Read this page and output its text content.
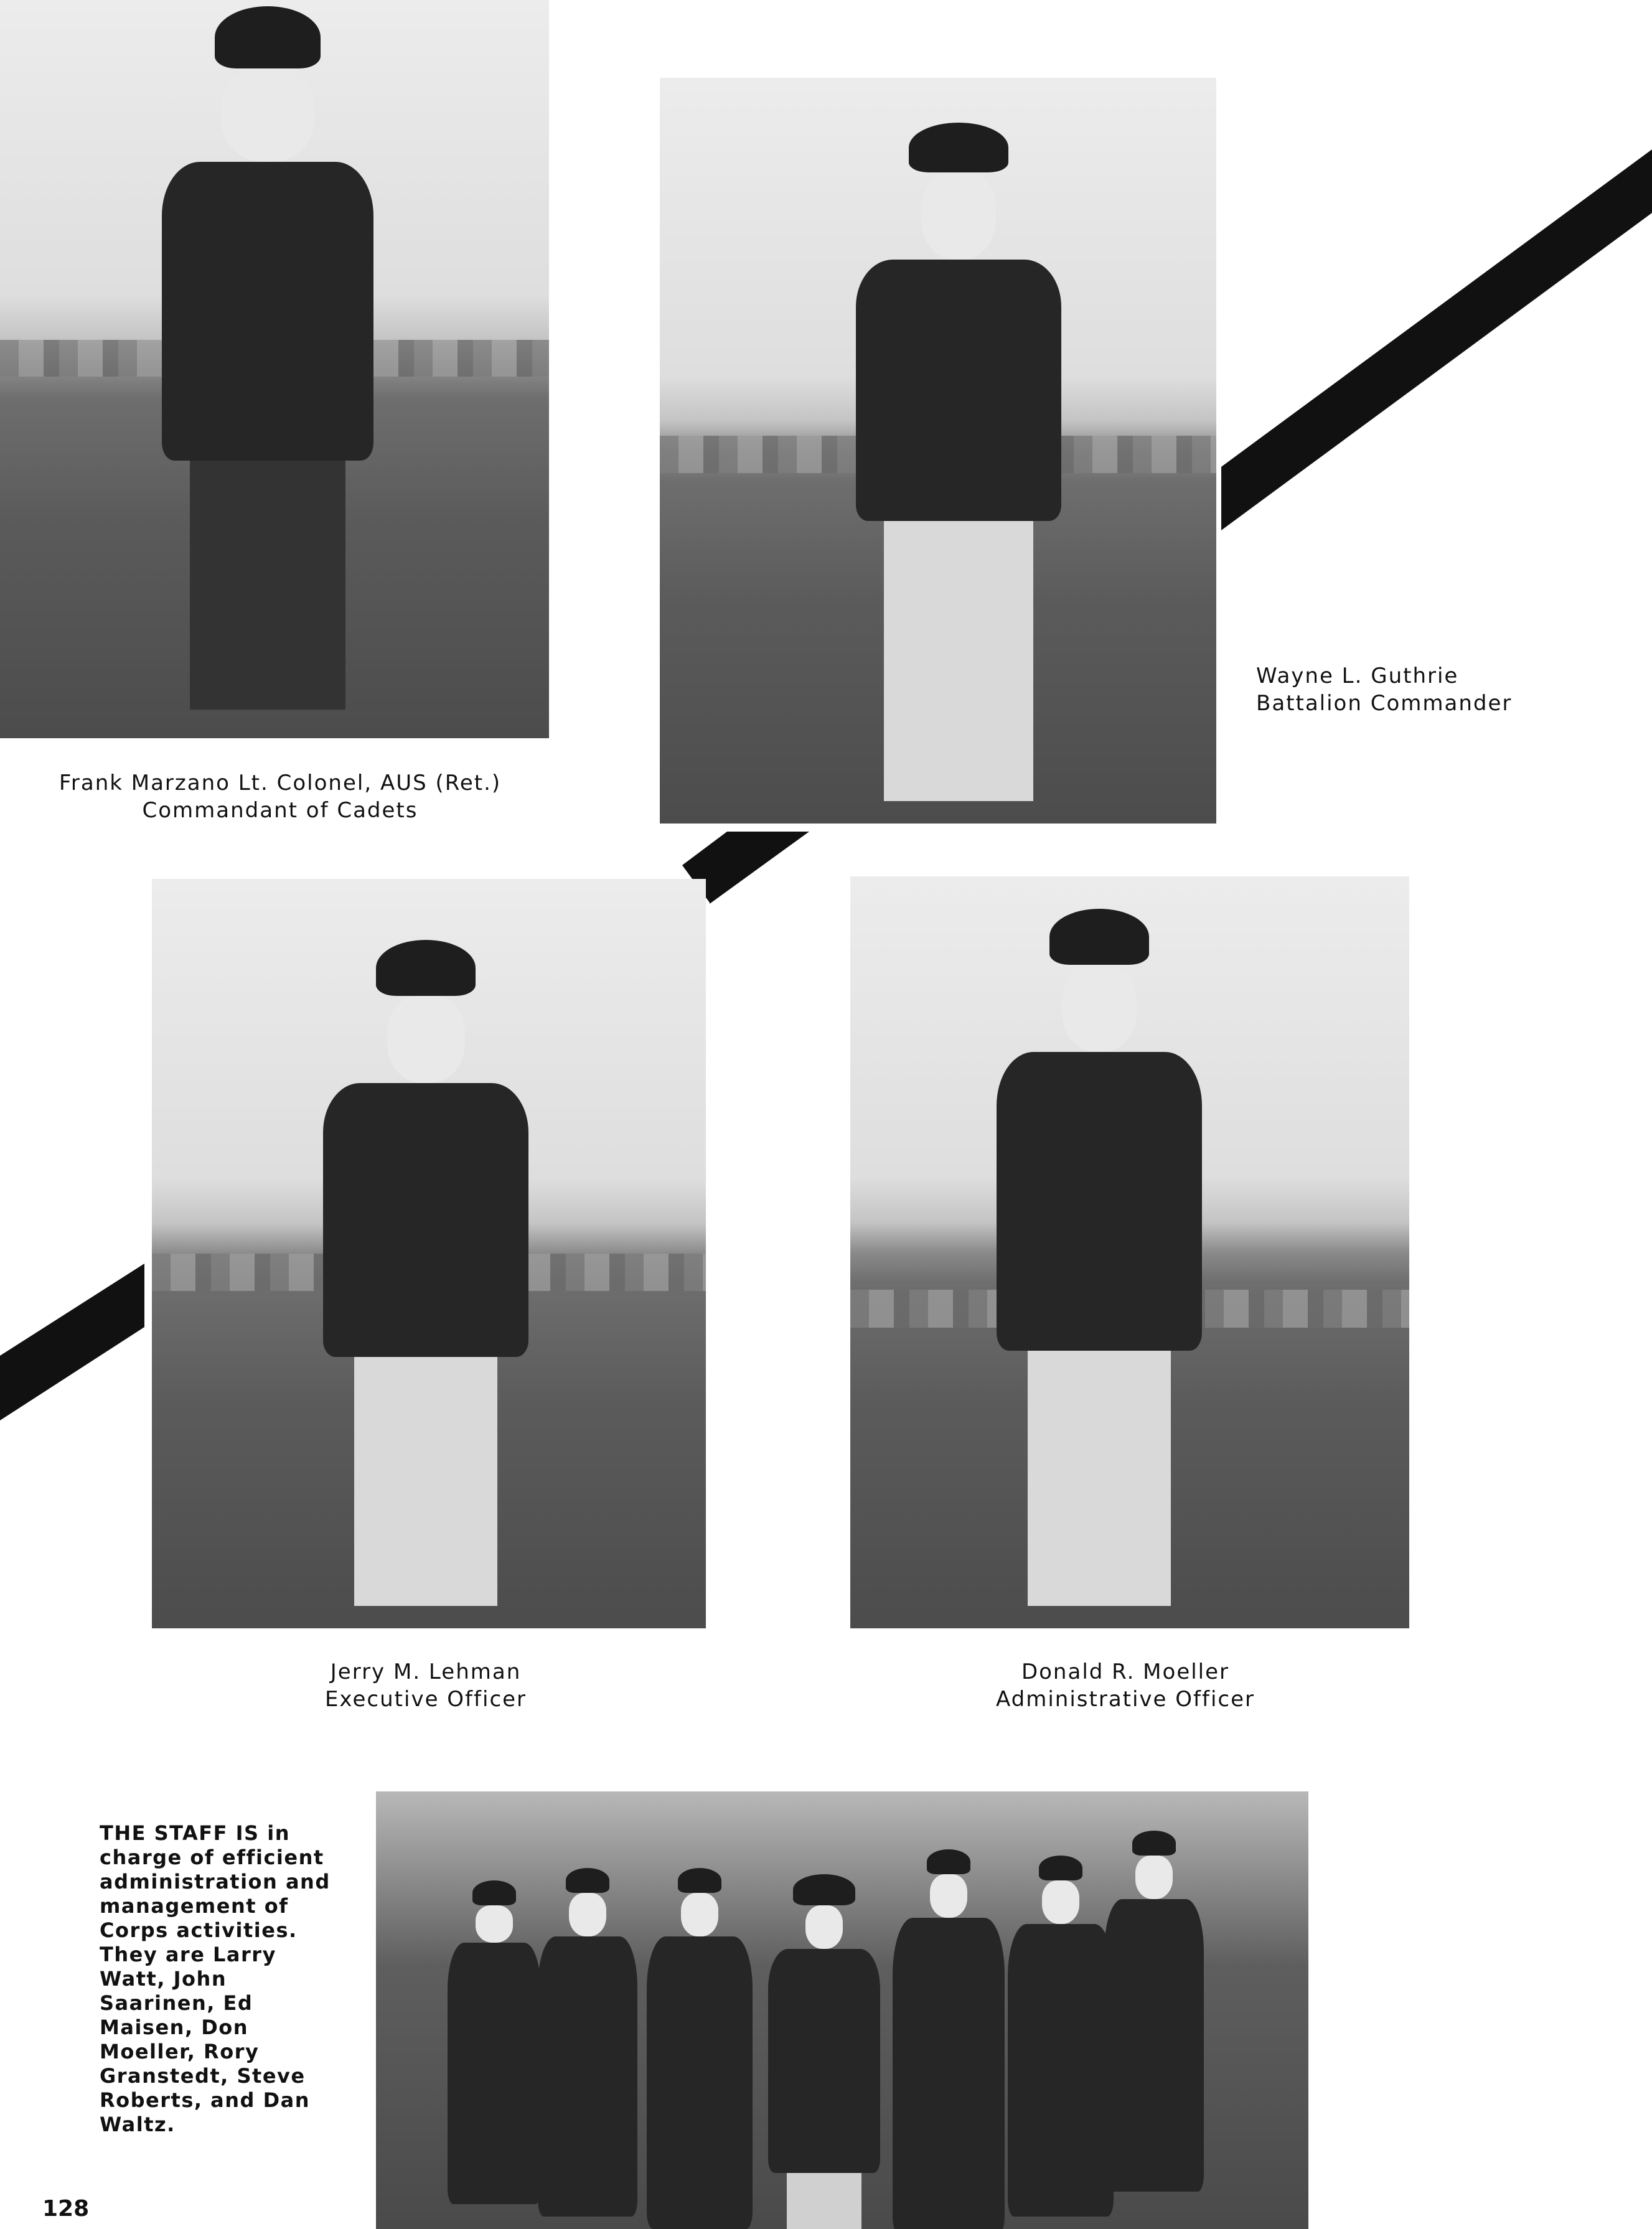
Frank Marzano Lt. Colonel, AUS (Ret.)
Commandant of Cadets
Wayne L. Guthrie
Battalion Commander
Jerry M. Lehman
Executive Officer
Donald R. Moeller
Administrative Officer
THE STAFF IS in charge of efficient administration and management of Corps activities. They are Larry Watt, John Saarinen, Ed Maisen, Don Moeller, Rory Granstedt, Steve Roberts, and Dan Waltz.
128
